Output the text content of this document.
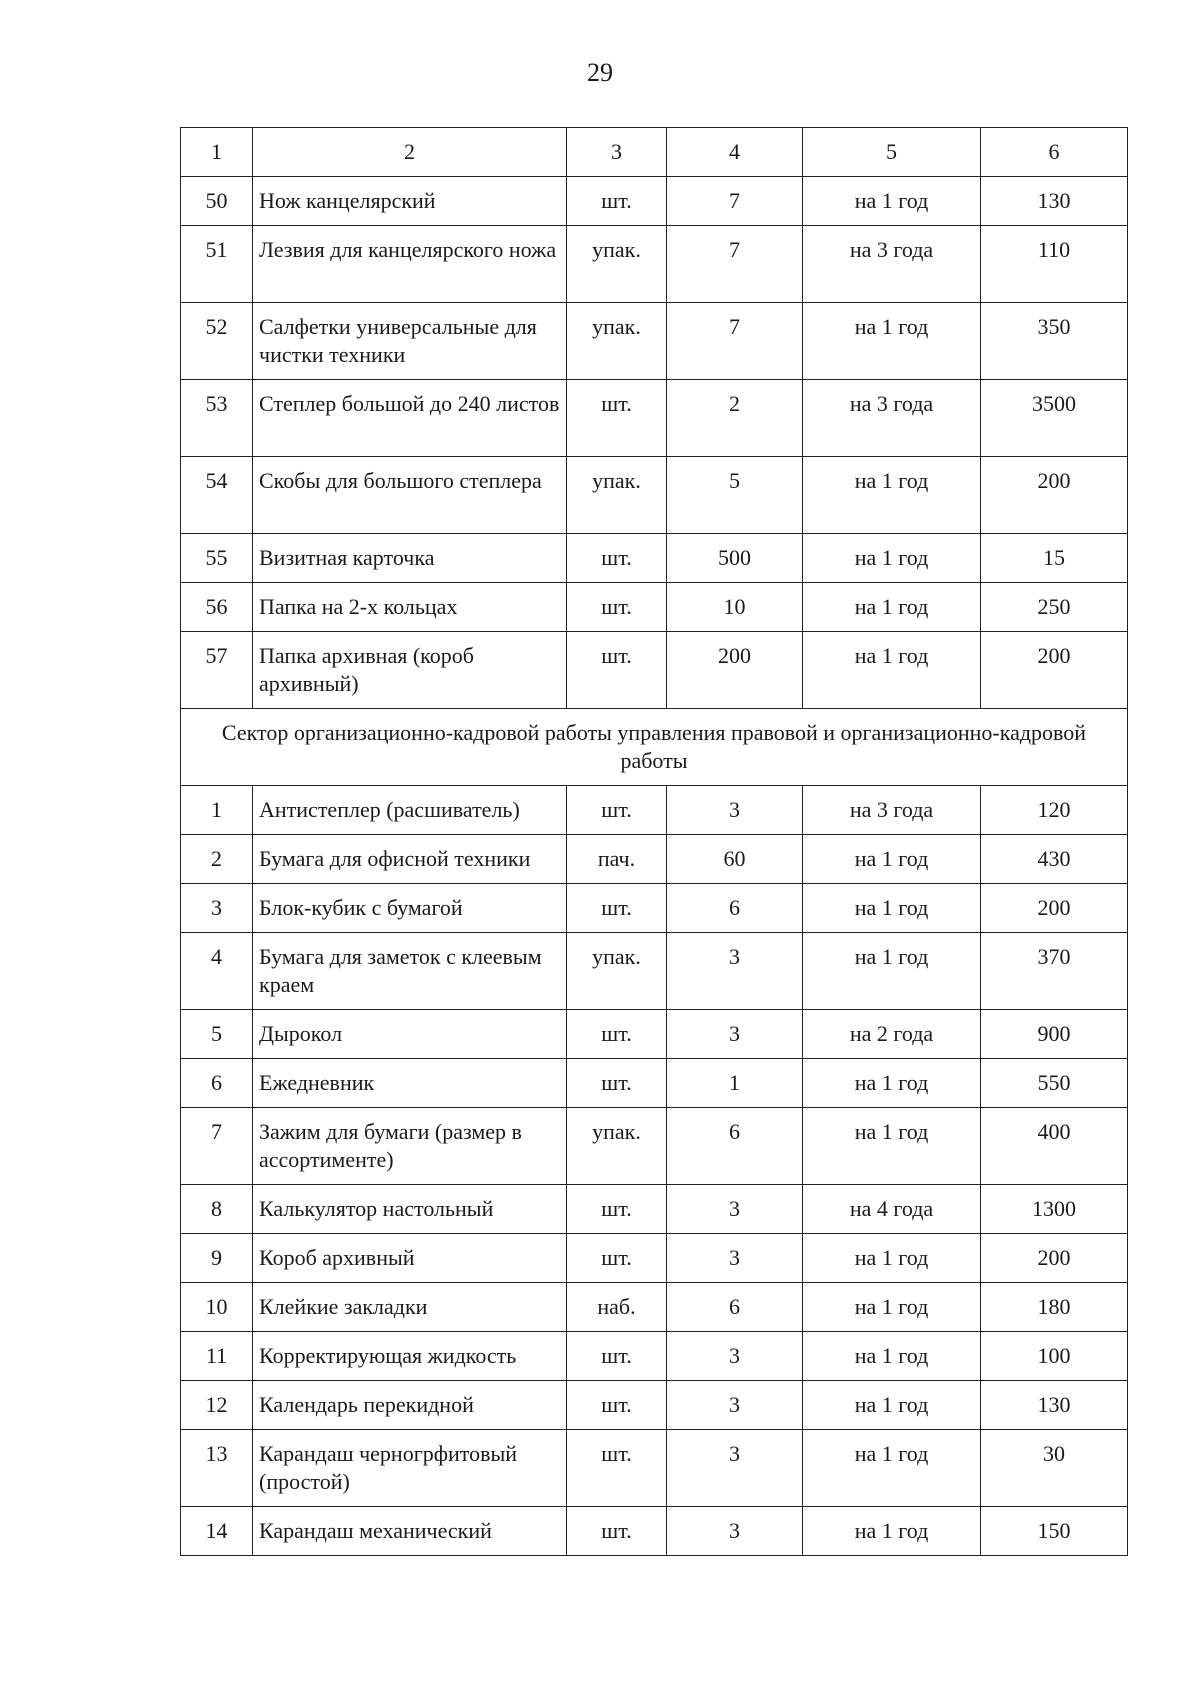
29
1	2	3	4	5	6
50	Нож канцелярский	шт.	7	на 1 год	130
51	Лезвия для канцелярского ножа	упак.	7	на 3 года	110
52	Салфетки универсальные для чистки техники	упак.	7	на 1 год	350
53	Степлер большой до 240 листов	шт.	2	на 3 года	3500
54	Скобы для большого степлера	упак.	5	на 1 год	200
55	Визитная карточка	шт.	500	на 1 год	15
56	Папка на 2-х кольцах	шт.	10	на 1 год	250
57	Папка архивная (короб архивный)	шт.	200	на 1 год	200
Сектор организационно-кадровой работы управления правовой и организационно-кадровой работы					
1	Антистеплер (расшиватель)	шт.	3	на 3 года	120
2	Бумага для офисной техники	пач.	60	на 1 год	430
3	Блок-кубик с бумагой	шт.	6	на 1 год	200
4	Бумага для заметок с клеевым краем	упак.	3	на 1 год	370
5	Дырокол	шт.	3	на 2 года	900
6	Ежедневник	шт.	1	на 1 год	550
7	Зажим для бумаги (размер в ассортименте)	упак.	6	на 1 год	400
8	Калькулятор настольный	шт.	3	на 4 года	1300
9	Короб архивный	шт.	3	на 1 год	200
10	Клейкие закладки	наб.	6	на 1 год	180
11	Корректирующая жидкость	шт.	3	на 1 год	100
12	Календарь перекидной	шт.	3	на 1 год	130
13	Карандаш черногрфитовый (простой)	шт.	3	на 1 год	30
14	Карандаш механический	шт.	3	на 1 год	150
